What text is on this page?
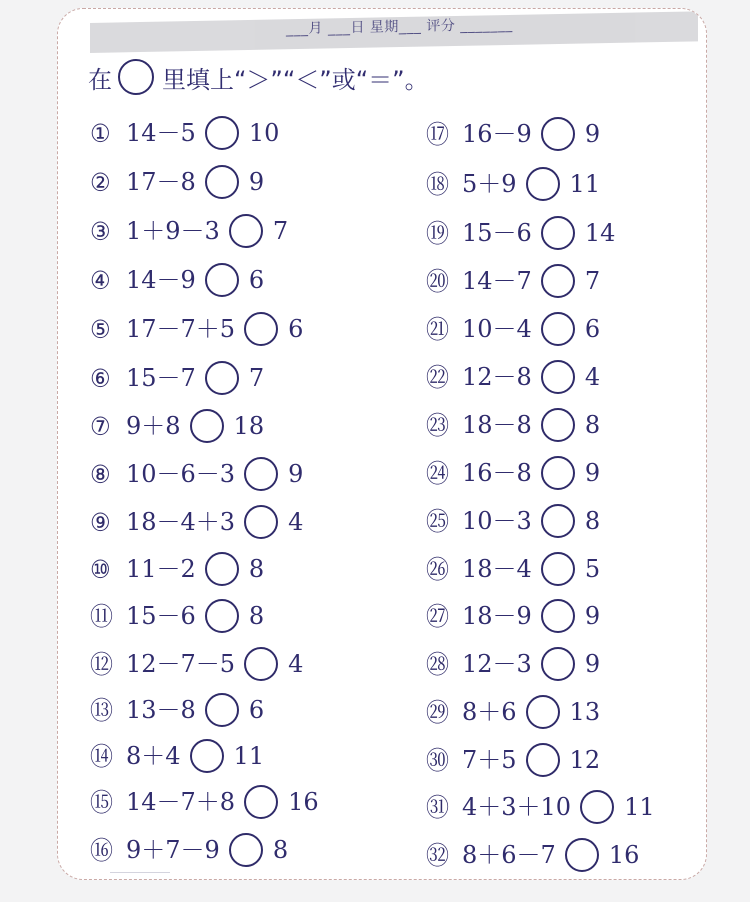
___月 ___日 星期___ 评分 _______
在 里填上“＞”“＜”或“＝”。
① 14－5 10
② 17－8 9
③ 1＋9－3 7
④ 14－9 6
⑤ 17－7＋5 6
⑥ 15－7 7
⑦ 9＋8 18
⑧ 10－6－3 9
⑨ 18－4＋3 4
⑩ 11－2 8
⑪ 15－6 8
⑫ 12－7－5 4
⑬ 13－8 6
⑭ 8＋4 11
⑮ 14－7＋8 16
⑯ 9＋7－9 8
⑰ 16－9 9
⑱ 5＋9 11
⑲ 15－6 14
⑳ 14－7 7
㉑ 10－4 6
㉒ 12－8 4
㉓ 18－8 8
㉔ 16－8 9
㉕ 10－3 8
㉖ 18－4 5
㉗ 18－9 9
㉘ 12－3 9
㉙ 8＋6 13
㉚ 7＋5 12
㉛ 4＋3＋10 11
㉜ 8＋6－7 16
